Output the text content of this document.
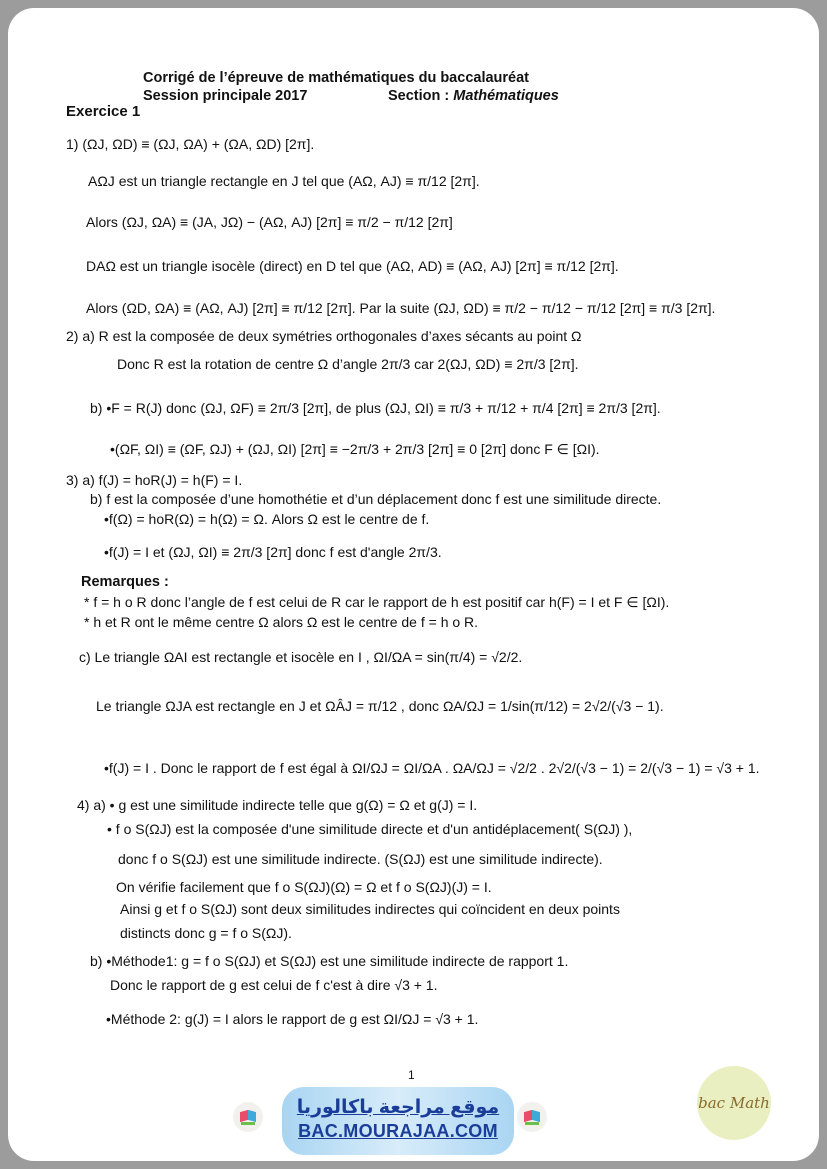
Corrigé de l’épreuve de mathématiques du baccalauréat
Session principale 2017	Section : Mathématiques
Exercice 1
1) (ΩJ, ΩD) ≡ (ΩJ, ΩA) + (ΩA, ΩD) [2π].
AΩJ est un triangle rectangle en J tel que (AΩ, AJ) ≡ π/12 [2π].
Alors (ΩJ, ΩA) ≡ (JA, JΩ) − (AΩ, AJ) [2π] ≡ π/2 − π/12 [2π]
DAΩ est un triangle isocèle (direct) en D tel que (AΩ, AD) ≡ (AΩ, AJ) [2π] ≡ π/12 [2π].
Alors (ΩD, ΩA) ≡ (AΩ, AJ) [2π] ≡ π/12 [2π]. Par la suite (ΩJ, ΩD) ≡ π/2 − π/12 − π/12 [2π] ≡ π/3 [2π].
2) a) R est la composée de deux symétries orthogonales d’axes sécants au point Ω
Donc R est la rotation de centre Ω d’angle 2π/3 car 2(ΩJ, ΩD) ≡ 2π/3 [2π].
b) •F = R(J) donc (ΩJ, ΩF) ≡ 2π/3 [2π], de plus (ΩJ, ΩI) ≡ π/3 + π/12 + π/4 [2π] ≡ 2π/3 [2π].
•(ΩF, ΩI) ≡ (ΩF, ΩJ) + (ΩJ, ΩI) [2π] ≡ −2π/3 + 2π/3 [2π] ≡ 0 [2π] donc F ∈ [ΩI).
3) a) f(J) = hoR(J) = h(F) = I.
b) f est la composée d’une homothétie et d’un déplacement donc f est une similitude directe.
•f(Ω) = hoR(Ω) = h(Ω) = Ω. Alors Ω est le centre de f.
•f(J) = I et (ΩJ, ΩI) ≡ 2π/3 [2π] donc f est d'angle 2π/3.
Remarques :
* f = h o R donc l’angle de f est celui de R car le rapport de h est positif car h(F) = I et F ∈ [ΩI).
* h et R ont le même centre Ω alors Ω est le centre de f = h o R.
c) Le triangle ΩAI est rectangle et isocèle en I , ΩI/ΩA = sin(π/4) = √2/2.
Le triangle ΩJA est rectangle en J et ΩÂJ = π/12 , donc ΩA/ΩJ = 1/sin(π/12) = 2√2/(√3 − 1).
•f(J) = I . Donc le rapport de f est égal à ΩI/ΩJ = ΩI/ΩA . ΩA/ΩJ = √2/2 . 2√2/(√3 − 1) = 2/(√3 − 1) = √3 + 1.
4) a) • g est une similitude indirecte telle que g(Ω) = Ω et g(J) = I.
• f o S(ΩJ) est la composée d'une similitude directe et d'un antidéplacement( S(ΩJ) ),
donc f o S(ΩJ) est une similitude indirecte. (S(ΩJ) est une similitude indirecte).
On vérifie facilement que f o S(ΩJ)(Ω) = Ω et f o S(ΩJ)(J) = I.
Ainsi g et f o S(ΩJ) sont deux similitudes indirectes qui coïncident en deux points
distincts donc g = f o S(ΩJ).
b) •Méthode1: g = f o S(ΩJ) et S(ΩJ) est une similitude indirecte de rapport 1.
Donc le rapport de g est celui de f c'est à dire √3 + 1.
•Méthode 2: g(J) = I alors le rapport de g est ΩI/ΩJ = √3 + 1.
1
موقع مراجعة باكالوريا
BAC.MOURAJAA.COM
bac Math
